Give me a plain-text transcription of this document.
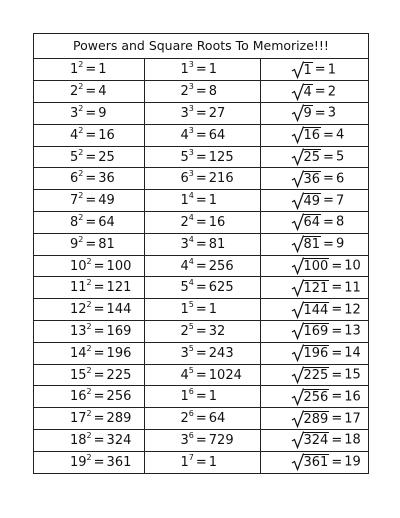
Powers and Square Roots To Memorize!!!
$1^2 = 1$	$1^3 = 1$	1 = 1
$2^2 = 4$	$2^3 = 8$	4 = 2
$3^2 = 9$	$3^3 = 27$	9 = 3
$4^2 = 16$	$4^3 = 64$	16 = 4
$5^2 = 25$	$5^3 = 125$	25 = 5
$6^2 = 36$	$6^3 = 216$	36 = 6
$7^2 = 49$	$1^4 = 1$	49 = 7
$8^2 = 64$	$2^4 = 16$	64 = 8
$9^2 = 81$	$3^4 = 81$	81 = 9
$10^2 = 100$	$4^4 = 256$	100 = 10
$11^2 = 121$	$5^4 = 625$	121 = 11
$12^2 = 144$	$1^5 = 1$	144 = 12
$13^2 = 169$	$2^5 = 32$	169 = 13
$14^2 = 196$	$3^5 = 243$	196 = 14
$15^2 = 225$	$4^5 = 1024$	225 = 15
$16^2 = 256$	$1^6 = 1$	256 = 16
$17^2 = 289$	$2^6 = 64$	289 = 17
$18^2 = 324$	$3^6 = 729$	324 = 18
$19^2 = 361$	$1^7 = 1$	361 = 19
